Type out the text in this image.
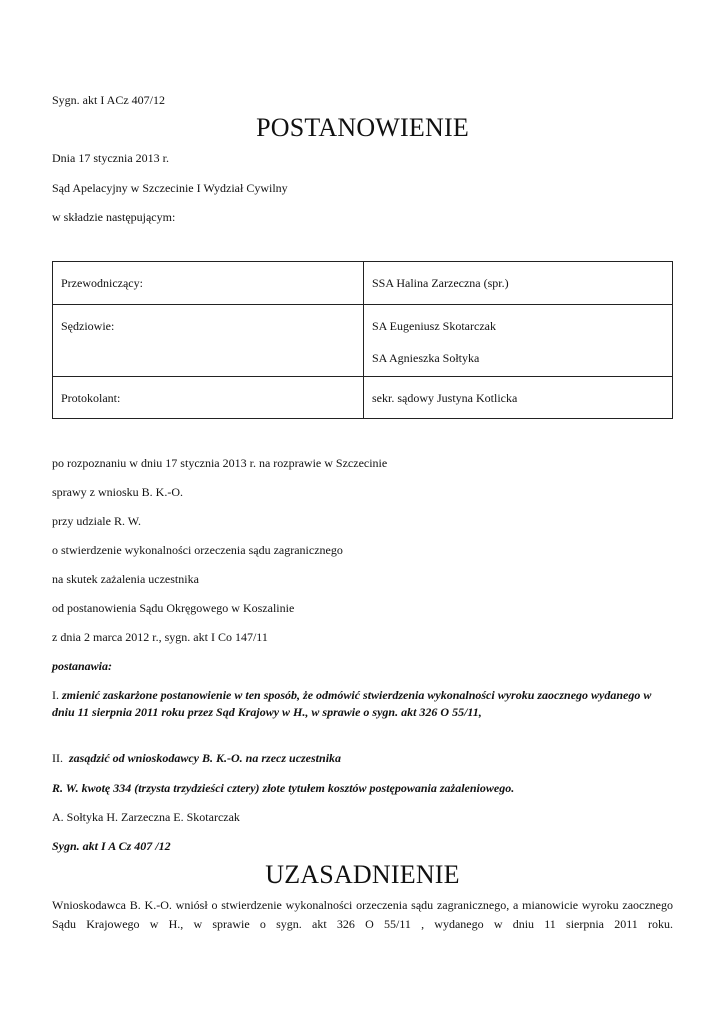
Sygn. akt I ACz 407/12
POSTANOWIENIE
Dnia 17 stycznia 2013 r.
Sąd Apelacyjny w Szczecinie I Wydział Cywilny
w składzie następującym:
Przewodniczący:	SSA Halina Zarzeczna (spr.)
Sędziowie:	SA Eugeniusz Skotarczak
SA Agnieszka Sołtyka

Protokolant:	sekr. sądowy Justyna Kotlicka
po rozpoznaniu w dniu 17 stycznia 2013 r. na rozprawie w Szczecinie
sprawy z wniosku B. K.-O.
przy udziale R. W.
o stwierdzenie wykonalności orzeczenia sądu zagranicznego
na skutek zażalenia uczestnika
od postanowienia Sądu Okręgowego w Koszalinie
z dnia 2 marca 2012 r., sygn. akt I Co 147/11
postanawia:
I. zmienić zaskarżone postanowienie w ten sposób, że odmówić stwierdzenia wykonalności wyroku zaocznego wydanego w dniu 11 sierpnia 2011 roku przez Sąd Krajowy w H., w sprawie o sygn. akt 326 O 55/11,
II. zasądzić od wnioskodawcy B. K.-O. na rzecz uczestnika
R. W. kwotę 334 (trzysta trzydzieści cztery) złote tytułem kosztów postępowania zażaleniowego.
A. Sołtyka H. Zarzeczna E. Skotarczak
Sygn. akt I A Cz 407 /12
UZASADNIENIE
Wnioskodawca B. K.-O. wniósł o stwierdzenie wykonalności orzeczenia sądu zagranicznego, a mianowicie wyroku zaocznego Sądu Krajowego w H., w sprawie o sygn. akt 326 O 55/11 , wydanego w dniu 11 sierpnia 2011 roku.
